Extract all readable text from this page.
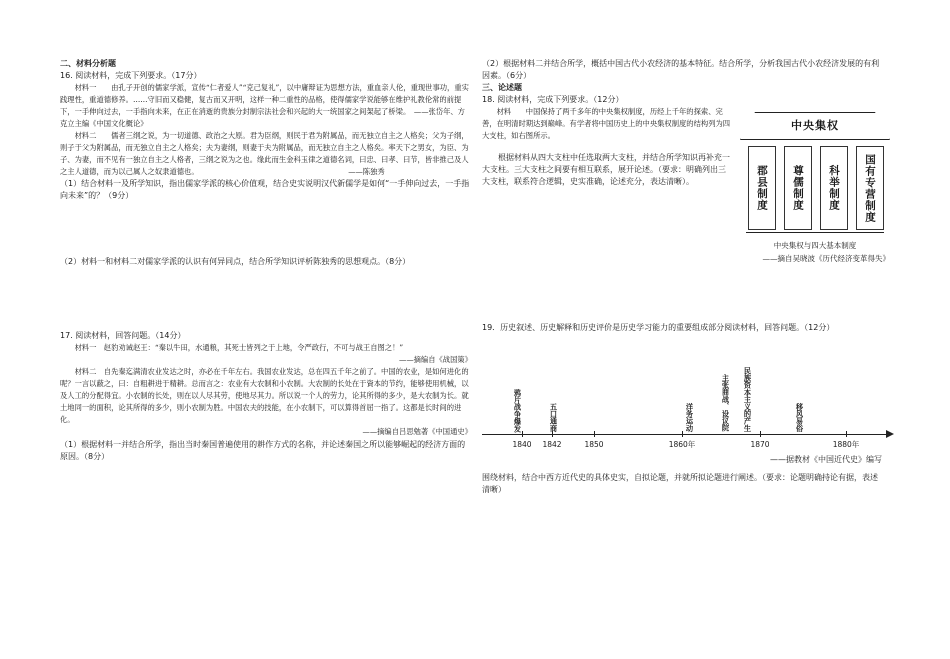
二、材料分析题

16. 阅读材料，完成下列要求。（17分）

材料一　　由孔子开创的儒家学派，宣传“仁者爱人”“克己复礼”，以中庸辩证为思想方法，重血亲人伦，重现世事功，重实践理性，重道德修养。……守旧而又稳健，复古而又开明，这样一种二重性的品格，使得儒家学说能够在维护礼教伦常的前提下，一手伸向过去，一手指向未来，在正在消逝的贵族分封制宗法社会和兴起的大一统国家之间架起了桥梁。　——张岱年、方克立主编《中国文化概论》

材料二　　儒者三纲之说，为一切道德、政治之大原。君为臣纲，则民于君为附属品，而无独立自主之人格矣；父为子纲，则子于父为附属品，而无独立自主之人格矣；夫为妻纲，则妻于夫为附属品，而无独立自主之人格矣。率天下之男女，为臣、为子、为妻，而不见有一独立自主之人格者，三纲之说为之也。缘此而生金科玉律之道德名词，曰忠、曰孝、曰节，皆非推己及人之主人道德，而为以己属人之奴隶道德也。　　　　　　　　　　　　　　　　　　　　　——陈独秀

（1）结合材料一及所学知识，指出儒家学派的核心价值观，结合史实说明汉代新儒学是如何“一手伸向过去，一手指向未来”的？（9分）

（2）材料一和材料二对儒家学派的认识有何异同点，结合所学知识评析陈独秀的思想观点。（8分）

17. 阅读材料，回答问题。（14分）

材料一　赵豹劝诫赵王：“秦以牛田，水通粮，其死士皆列之于上地，令严政行，不可与战王自图之！”

——摘编自《战国策》

材料二　自先秦迄满清农业发达之时，亦必在千年左右。我国农业发达，总在四五千年之前了。中国的农业，是如何进化的呢？一言以蔽之，曰：自粗耕进于精耕。总而言之：农业有大农制和小农制。大农制的长处在于資本的节约，能够使用机械，以及人工的分配得宜。小农制的长处，则在以人尽其劳，使地尽其力。所以说一个人的劳力，论其所得的多少，是大农制为长。就土地同一的面积，论其所得的多少，则小农制为胜。中国农夫的技能，在小农制下，可以算得首屈一指了。这都是长时间的进化。

——摘编自吕思勉著《中国通史》

（1）根据材料一并结合所学，指出当时秦国普遍使用的耕作方式的名称，并论述秦国之所以能够崛起的经济方面的原因。（8分）

（2）根据材料二并结合所学，概括中国古代小农经济的基本特征。结合所学，分析我国古代小农经济发展的有利因素。（6分）

三、论述题

18. 阅读材料，完成下列要求。（12分）

材料　　中国保持了两千多年的中央集权制度，历经上千年的探索、完善，在明清时期达到巅峰。有学者将中国历史上的中央集权制度的结构列为四大支柱，如右图所示。

根据材料从四大支柱中任选取两大支柱，并结合所学知识再补充一大支柱。三大支柱之间要有相互联系，展开论述。（要求：明确列出三大支柱，联系符合逻辑，史实准确，论述充分，表达清晰）。

中央集权
郡县制度	尊儒制度	科举制度	国有专营制度
中央集权与四大基本制度
——摘自吴晓波《历代经济变革得失》

19．历史叙述、历史解释和历史评价是历史学习能力的重要组成部分阅读材料，回答问题。（12分）

1840 1842	1850	1860年	1870	1880年
鸦片战争爆发	五口通商	洋务运动	主张商战、设议院 民族资本主义的产生	移风易俗
——据教材《中国近代史》编写

围绕材料，结合中西方近代史的具体史实，自拟论题，并就所拟论题进行阐述。（要求：论题明确持论有据，表述清晰）
